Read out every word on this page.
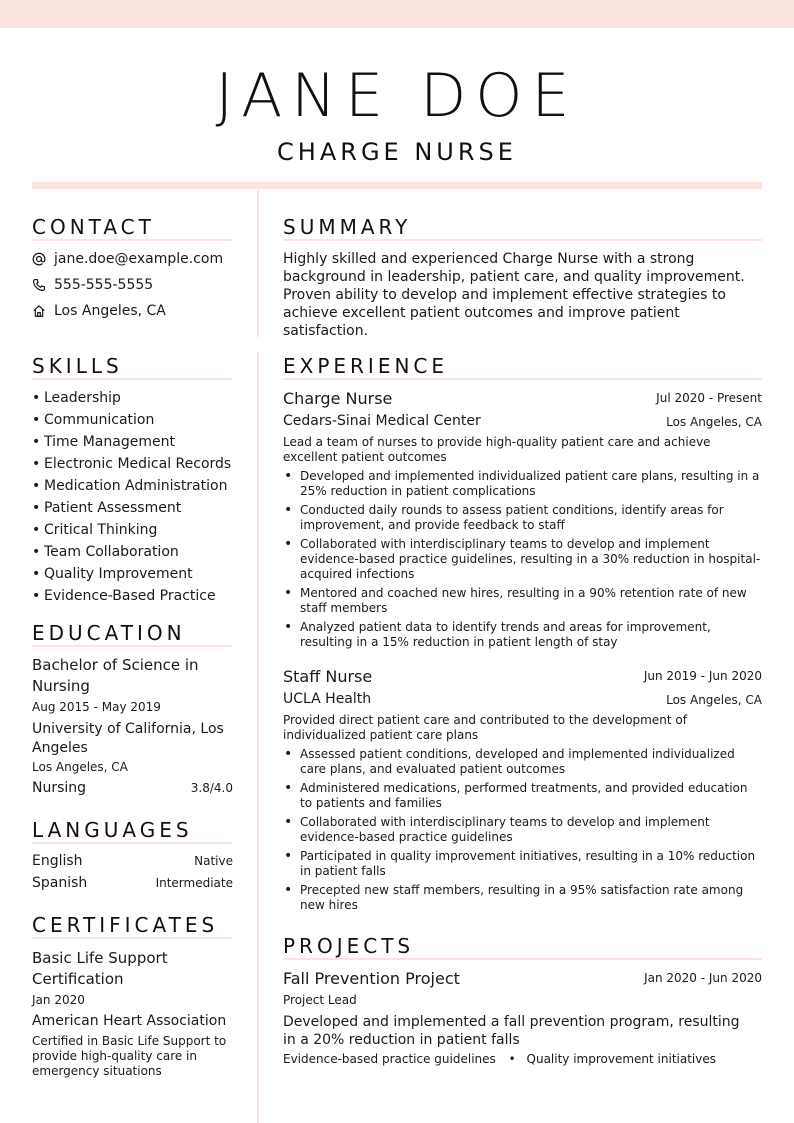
JANE DOE
CHARGE NURSE
CONTACT
jane.doe@example.com
555-555-5555
Los Angeles, CA
SKILLS
• Leadership
• Communication
• Time Management
• Electronic Medical Records
• Medication Administration
• Patient Assessment
• Critical Thinking
• Team Collaboration
• Quality Improvement
• Evidence-Based Practice
EDUCATION
Bachelor of Science in Nursing
Aug 2015 - May 2019
University of California, Los Angeles
Los Angeles, CA
Nursing	3.8/4.0
LANGUAGES
English	Native
Spanish	Intermediate
CERTIFICATES
Basic Life Support Certification
Jan 2020
American Heart Association
Certified in Basic Life Support to provide high-quality care in emergency situations
SUMMARY
Highly skilled and experienced Charge Nurse with a strong background in leadership, patient care, and quality improvement. Proven ability to develop and implement effective strategies to achieve excellent patient outcomes and improve patient satisfaction.
EXPERIENCE
Charge Nurse	Jul 2020 - Present
Cedars-Sinai Medical Center	Los Angeles, CA
Lead a team of nurses to provide high-quality patient care and achieve excellent patient outcomes
• Developed and implemented individualized patient care plans, resulting in a 25% reduction in patient complications
• Conducted daily rounds to assess patient conditions, identify areas for improvement, and provide feedback to staff
• Collaborated with interdisciplinary teams to develop and implement evidence-based practice guidelines, resulting in a 30% reduction in hospital-acquired infections
• Mentored and coached new hires, resulting in a 90% retention rate of new staff members
• Analyzed patient data to identify trends and areas for improvement, resulting in a 15% reduction in patient length of stay
Staff Nurse	Jun 2019 - Jun 2020
UCLA Health	Los Angeles, CA
Provided direct patient care and contributed to the development of individualized patient care plans
• Assessed patient conditions, developed and implemented individualized care plans, and evaluated patient outcomes
• Administered medications, performed treatments, and provided education to patients and families
• Collaborated with interdisciplinary teams to develop and implement evidence-based practice guidelines
• Participated in quality improvement initiatives, resulting in a 10% reduction in patient falls
• Precepted new staff members, resulting in a 95% satisfaction rate among new hires
PROJECTS
Fall Prevention Project	Jan 2020 - Jun 2020
Project Lead
Developed and implemented a fall prevention program, resulting in a 20% reduction in patient falls
Evidence-based practice guidelines • Quality improvement initiatives
